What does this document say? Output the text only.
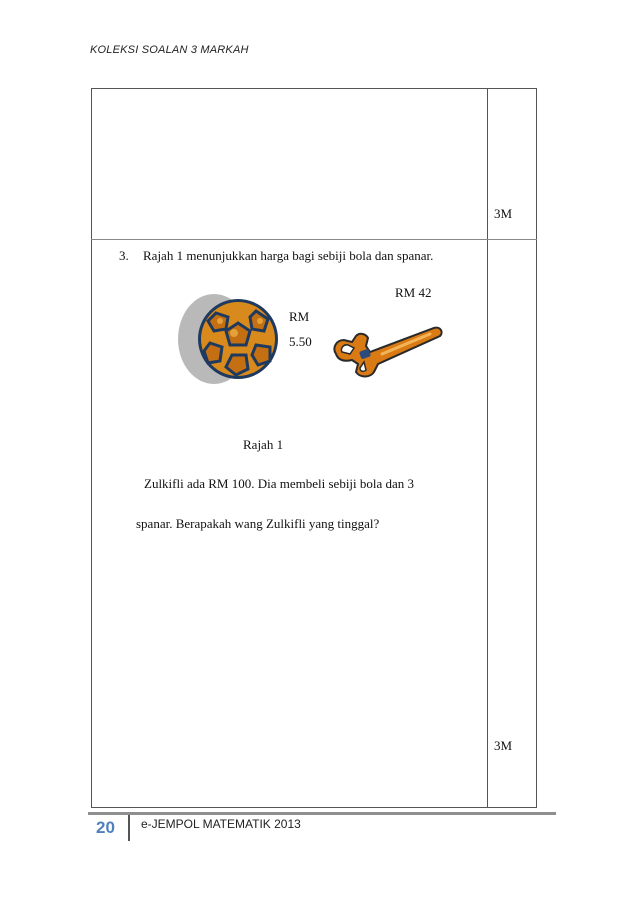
KOLEKSI SOALAN 3 MARKAH
3M
3. Rajah 1 menunjukkan harga bagi sebiji bola dan spanar.
RM 42
RM
5.50
Rajah 1
Zulkifli ada RM 100. Dia membeli sebiji bola dan 3
spanar. Berapakah wang Zulkifli yang tinggal?
3M
20 e-JEMPOL MATEMATIK 2013
